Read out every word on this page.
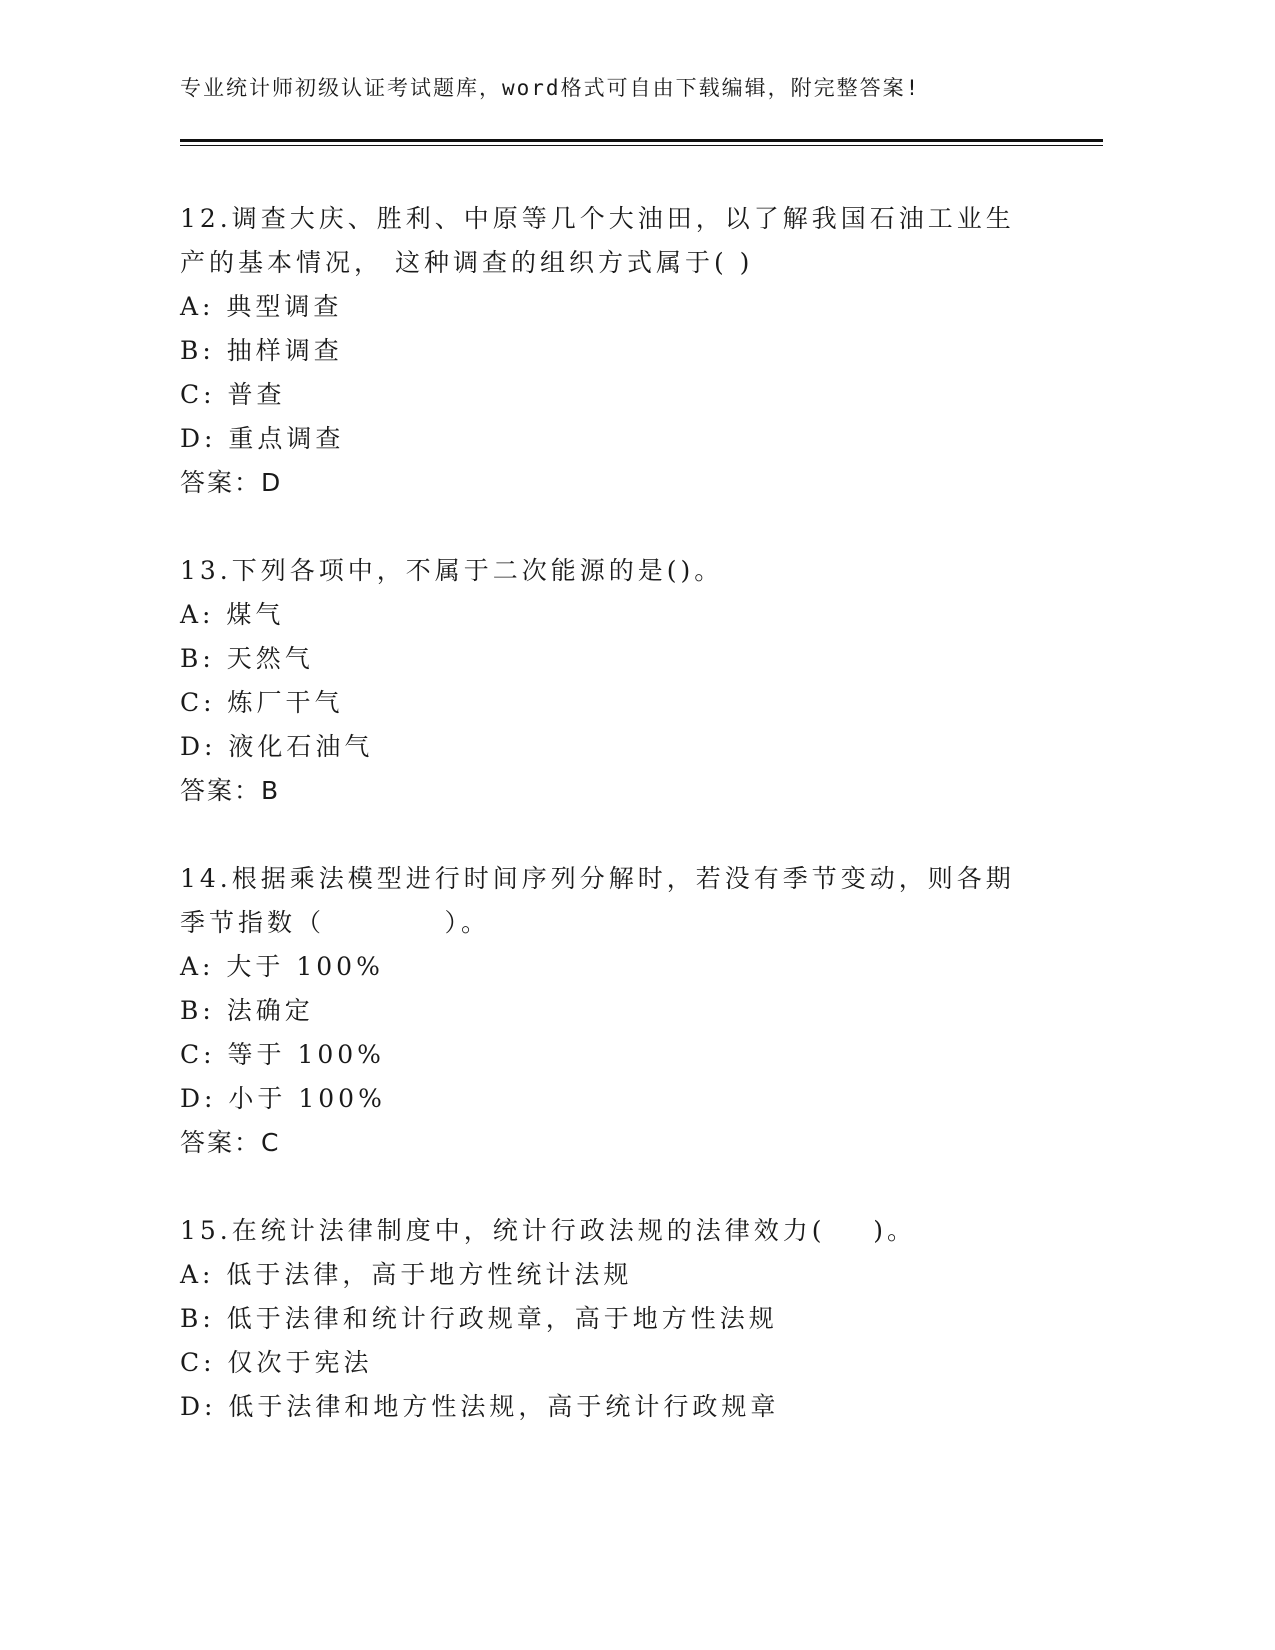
专业统计师初级认证考试题库，word格式可自由下载编辑，附完整答案!

12.调查大庆、胜利、中原等几个大油田，以了解我国石油工业生产的基本情况， 这种调查的组织方式属于( )

A: 典型调查

B: 抽样调查

C: 普查

D: 重点调查

答案：D

13.下列各项中，不属于二次能源的是()。

A: 煤气

B: 天然气

C: 炼厂干气

D: 液化石油气

答案：B

14.根据乘法模型进行时间序列分解时，若没有季节变动，则各期季节指数（          ）。

A: 大于 100%

B: 法确定

C: 等于 100%

D: 小于 100%

答案：C

15.在统计法律制度中，统计行政法规的法律效力(    )。

A: 低于法律，高于地方性统计法规

B: 低于法律和统计行政规章，高于地方性法规

C: 仅次于宪法

D: 低于法律和地方性法规，高于统计行政规章
